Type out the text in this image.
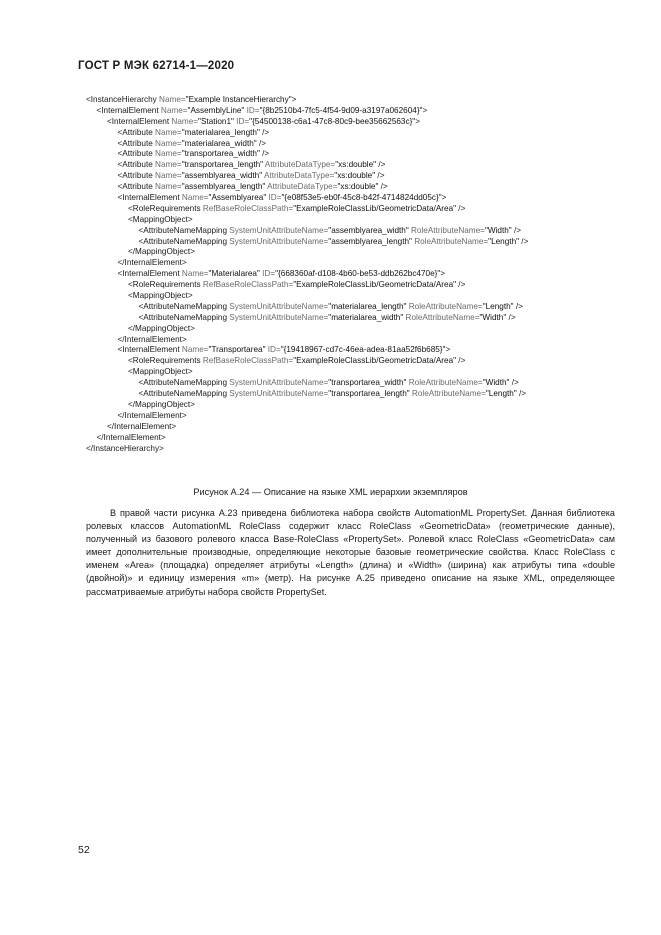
ГОСТ Р МЭК 62714-1—2020
<InstanceHierarchy Name="Example InstanceHierarchy">
<InternalElement Name="AssemblyLine" ID="{8b2510b4-7fc5-4f54-9d09-a3197a062604}">
<InternalElement Name="Station1" ID="{54500138-c6a1-47c8-80c9-bee35662563c}">
<Attribute Name="materialarea_length" />
<Attribute Name="materialarea_width" />
<Attribute Name="transportarea_width" />
<Attribute Name="transportarea_length" AttributeDataType="xs:double" />
<Attribute Name="assemblyarea_width" AttributeDataType="xs:double" />
<Attribute Name="assemblyarea_length" AttributeDataType="xs:double" />
<InternalElement Name="Assemblyarea" ID="{e08f53e5-eb0f-45c8-b42f-4714824dd05c}">
<RoleRequirements RefBaseRoleClassPath="ExampleRoleClassLib/GeometricData/Area" />
<MappingObject>
<AttributeNameMapping SystemUnitAttributeName="assemblyarea_width" RoleAttributeName="Width" />
<AttributeNameMapping SystemUnitAttributeName="assemblyarea_length" RoleAttributeName="Length" />
</MappingObject>
</InternalElement>
<InternalElement Name="Materialarea" ID="{668360af-d108-4b60-be53-ddb262bc470e}">
<RoleRequirements RefBaseRoleClassPath="ExampleRoleClassLib/GeometricData/Area" />
<MappingObject>
<AttributeNameMapping SystemUnitAttributeName="materialarea_length" RoleAttributeName="Length" />
<AttributeNameMapping SystemUnitAttributeName="materialarea_width" RoleAttributeName="Width" />
</MappingObject>
</InternalElement>
<InternalElement Name="Transportarea" ID="{19418967-cd7c-46ea-adea-81aa52f6b685}">
<RoleRequirements RefBaseRoleClassPath="ExampleRoleClassLib/GeometricData/Area" />
<MappingObject>
<AttributeNameMapping SystemUnitAttributeName="transportarea_width" RoleAttributeName="Width" />
<AttributeNameMapping SystemUnitAttributeName="transportarea_length" RoleAttributeName="Length" />
</MappingObject>
</InternalElement>
</InternalElement>
</InternalElement>
</InstanceHierarchy>
Рисунок А.24 — Описание на языке XML иерархии экземпляров
В правой части рисунка А.23 приведена библиотека набора свойств AutomationML PropertySet. Данная библиотека ролевых классов AutomationML RoleClass содержит класс RoleClass «GeometricData» (геометрические данные), полученный из базового ролевого класса Base-RoleClass «PropertySet». Ролевой класс RoleClass «GeometricData» сам имеет дополнительные производные, определяющие некоторые базовые геометрические свойства. Класс RoleClass с именем «Area» (площадка) определяет атрибуты «Length» (длина) и «Width» (ширина) как атрибуты типа «double (двойной)» и единицу измерения «m» (метр). На рисунке А.25 приведено описание на языке XML, определяющее рассматриваемые атрибуты набора свойств PropertySet.
52
